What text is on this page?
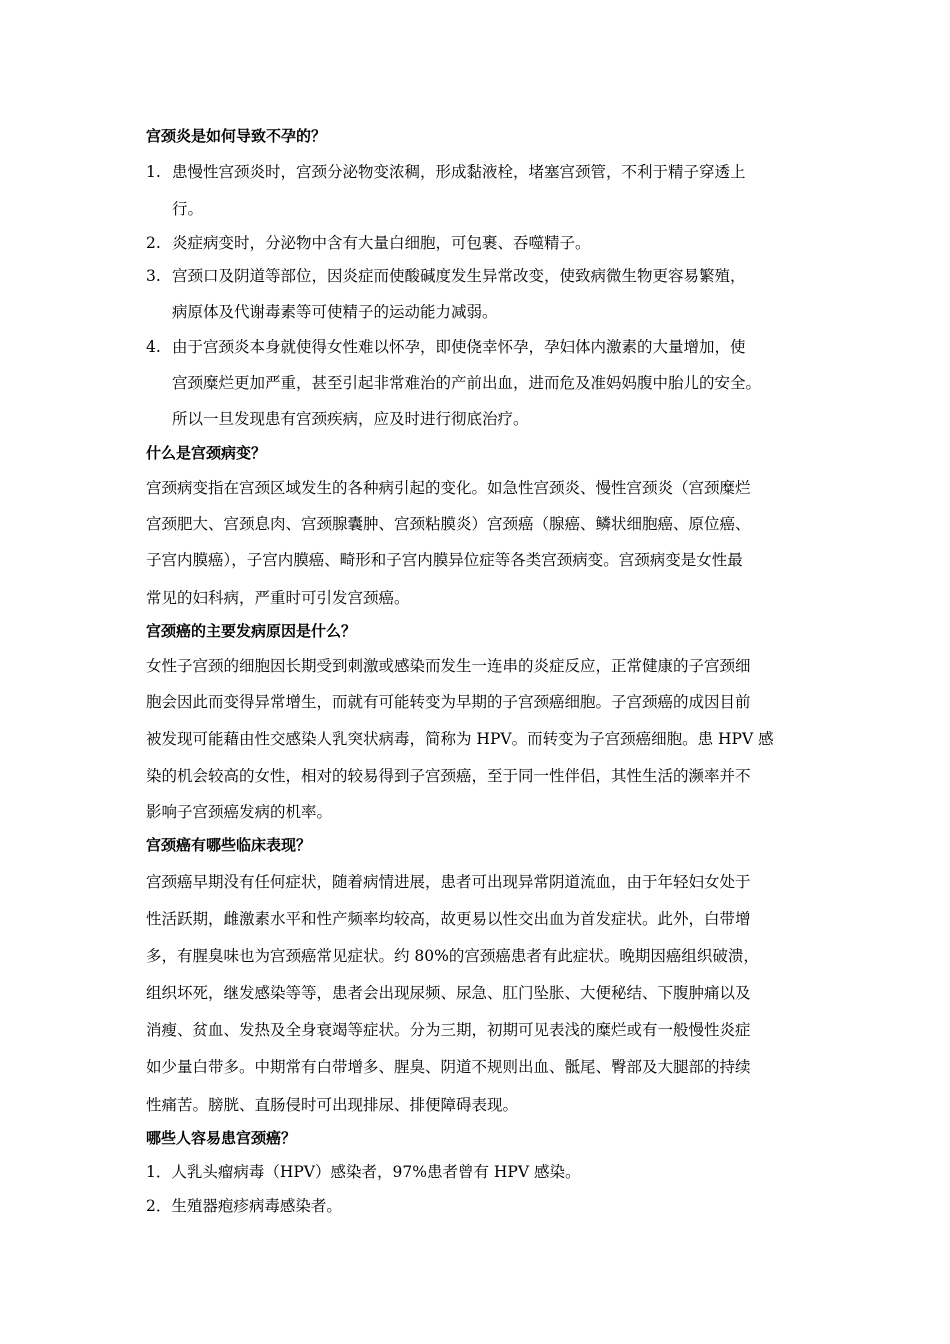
宫颈炎是如何导致不孕的？
1. 患慢性宫颈炎时，宫颈分泌物变浓稠，形成黏液栓，堵塞宫颈管，不利于精子穿透上
行。
2. 炎症病变时，分泌物中含有大量白细胞，可包裹、吞噬精子。
3. 宫颈口及阴道等部位，因炎症而使酸碱度发生异常改变，使致病微生物更容易繁殖，
病原体及代谢毒素等可使精子的运动能力减弱。
4. 由于宫颈炎本身就使得女性难以怀孕，即使侥幸怀孕，孕妇体内激素的大量增加，使
宫颈糜烂更加严重，甚至引起非常难治的产前出血，进而危及准妈妈腹中胎儿的安全。
所以一旦发现患有宫颈疾病，应及时进行彻底治疗。
什么是宫颈病变？
宫颈病变指在宫颈区域发生的各种病引起的变化。如急性宫颈炎、慢性宫颈炎（宫颈糜烂
宫颈肥大、宫颈息肉、宫颈腺囊肿、宫颈粘膜炎）宫颈癌（腺癌、鳞状细胞癌、原位癌、
子宫内膜癌），子宫内膜癌、畸形和子宫内膜异位症等各类宫颈病变。宫颈病变是女性最
常见的妇科病，严重时可引发宫颈癌。
宫颈癌的主要发病原因是什么？
女性子宫颈的细胞因长期受到刺激或感染而发生一连串的炎症反应，正常健康的子宫颈细
胞会因此而变得异常增生，而就有可能转变为早期的子宫颈癌细胞。子宫颈癌的成因目前
被发现可能藉由性交感染人乳突状病毒，简称为 HPV。而转变为子宫颈癌细胞。患 HPV 感
染的机会较高的女性，相对的较易得到子宫颈癌，至于同一性伴侣，其性生活的濒率并不
影响子宫颈癌发病的机率。
宫颈癌有哪些临床表现？
宫颈癌早期没有任何症状，随着病情进展，患者可出现异常阴道流血，由于年轻妇女处于
性活跃期，雌激素水平和性产频率均较高，故更易以性交出血为首发症状。此外，白带增
多，有腥臭味也为宫颈癌常见症状。约 80%的宫颈癌患者有此症状。晚期因癌组织破溃，
组织坏死，继发感染等等，患者会出现尿频、尿急、肛门坠胀、大便秘结、下腹肿痛以及
消瘦、贫血、发热及全身衰竭等症状。分为三期，初期可见表浅的糜烂或有一般慢性炎症
如少量白带多。中期常有白带增多、腥臭、阴道不规则出血、骶尾、臀部及大腿部的持续
性痛苦。膀胱、直肠侵时可出现排尿、排便障碍表现。
哪些人容易患宫颈癌？
1．人乳头瘤病毒（HPV）感染者，97%患者曾有 HPV 感染。
2．生殖器疱疹病毒感染者。
